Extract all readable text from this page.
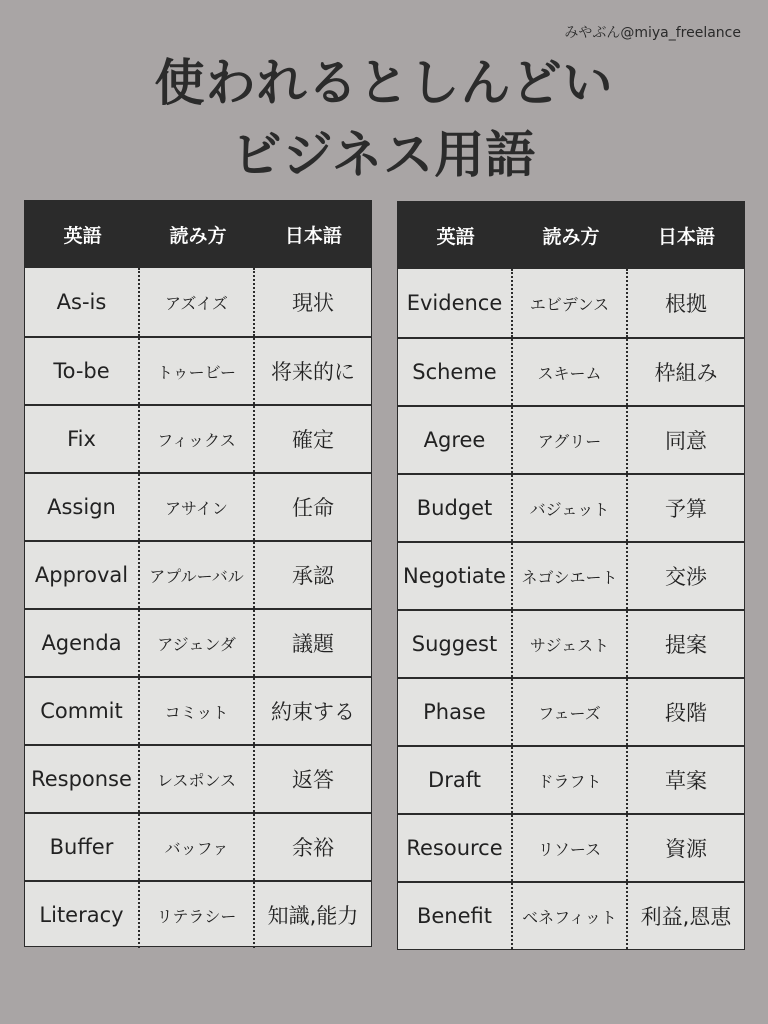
みやぶん@miya_freelance
使われるとしんどい
ビジネス用語
英語	読み方	日本語
As-is	アズイズ	現状
To-be	トゥービー	将来的に
Fix	フィックス	確定
Assign	アサイン	任命
Approval	アプルーバル	承認
Agenda	アジェンダ	議題
Commit	コミット	約束する
Response	レスポンス	返答
Buffer	バッファ	余裕
Literacy	リテラシー	知識,能力
英語	読み方	日本語
Evidence	エビデンス	根拠
Scheme	スキーム	枠組み
Agree	アグリー	同意
Budget	バジェット	予算
Negotiate ネゴシエート	交渉
Suggest	サジェスト	提案
Phase	フェーズ	段階
Draft	ドラフト	草案
Resource	リソース	資源
Benefit	ベネフィット	利益,恩恵
